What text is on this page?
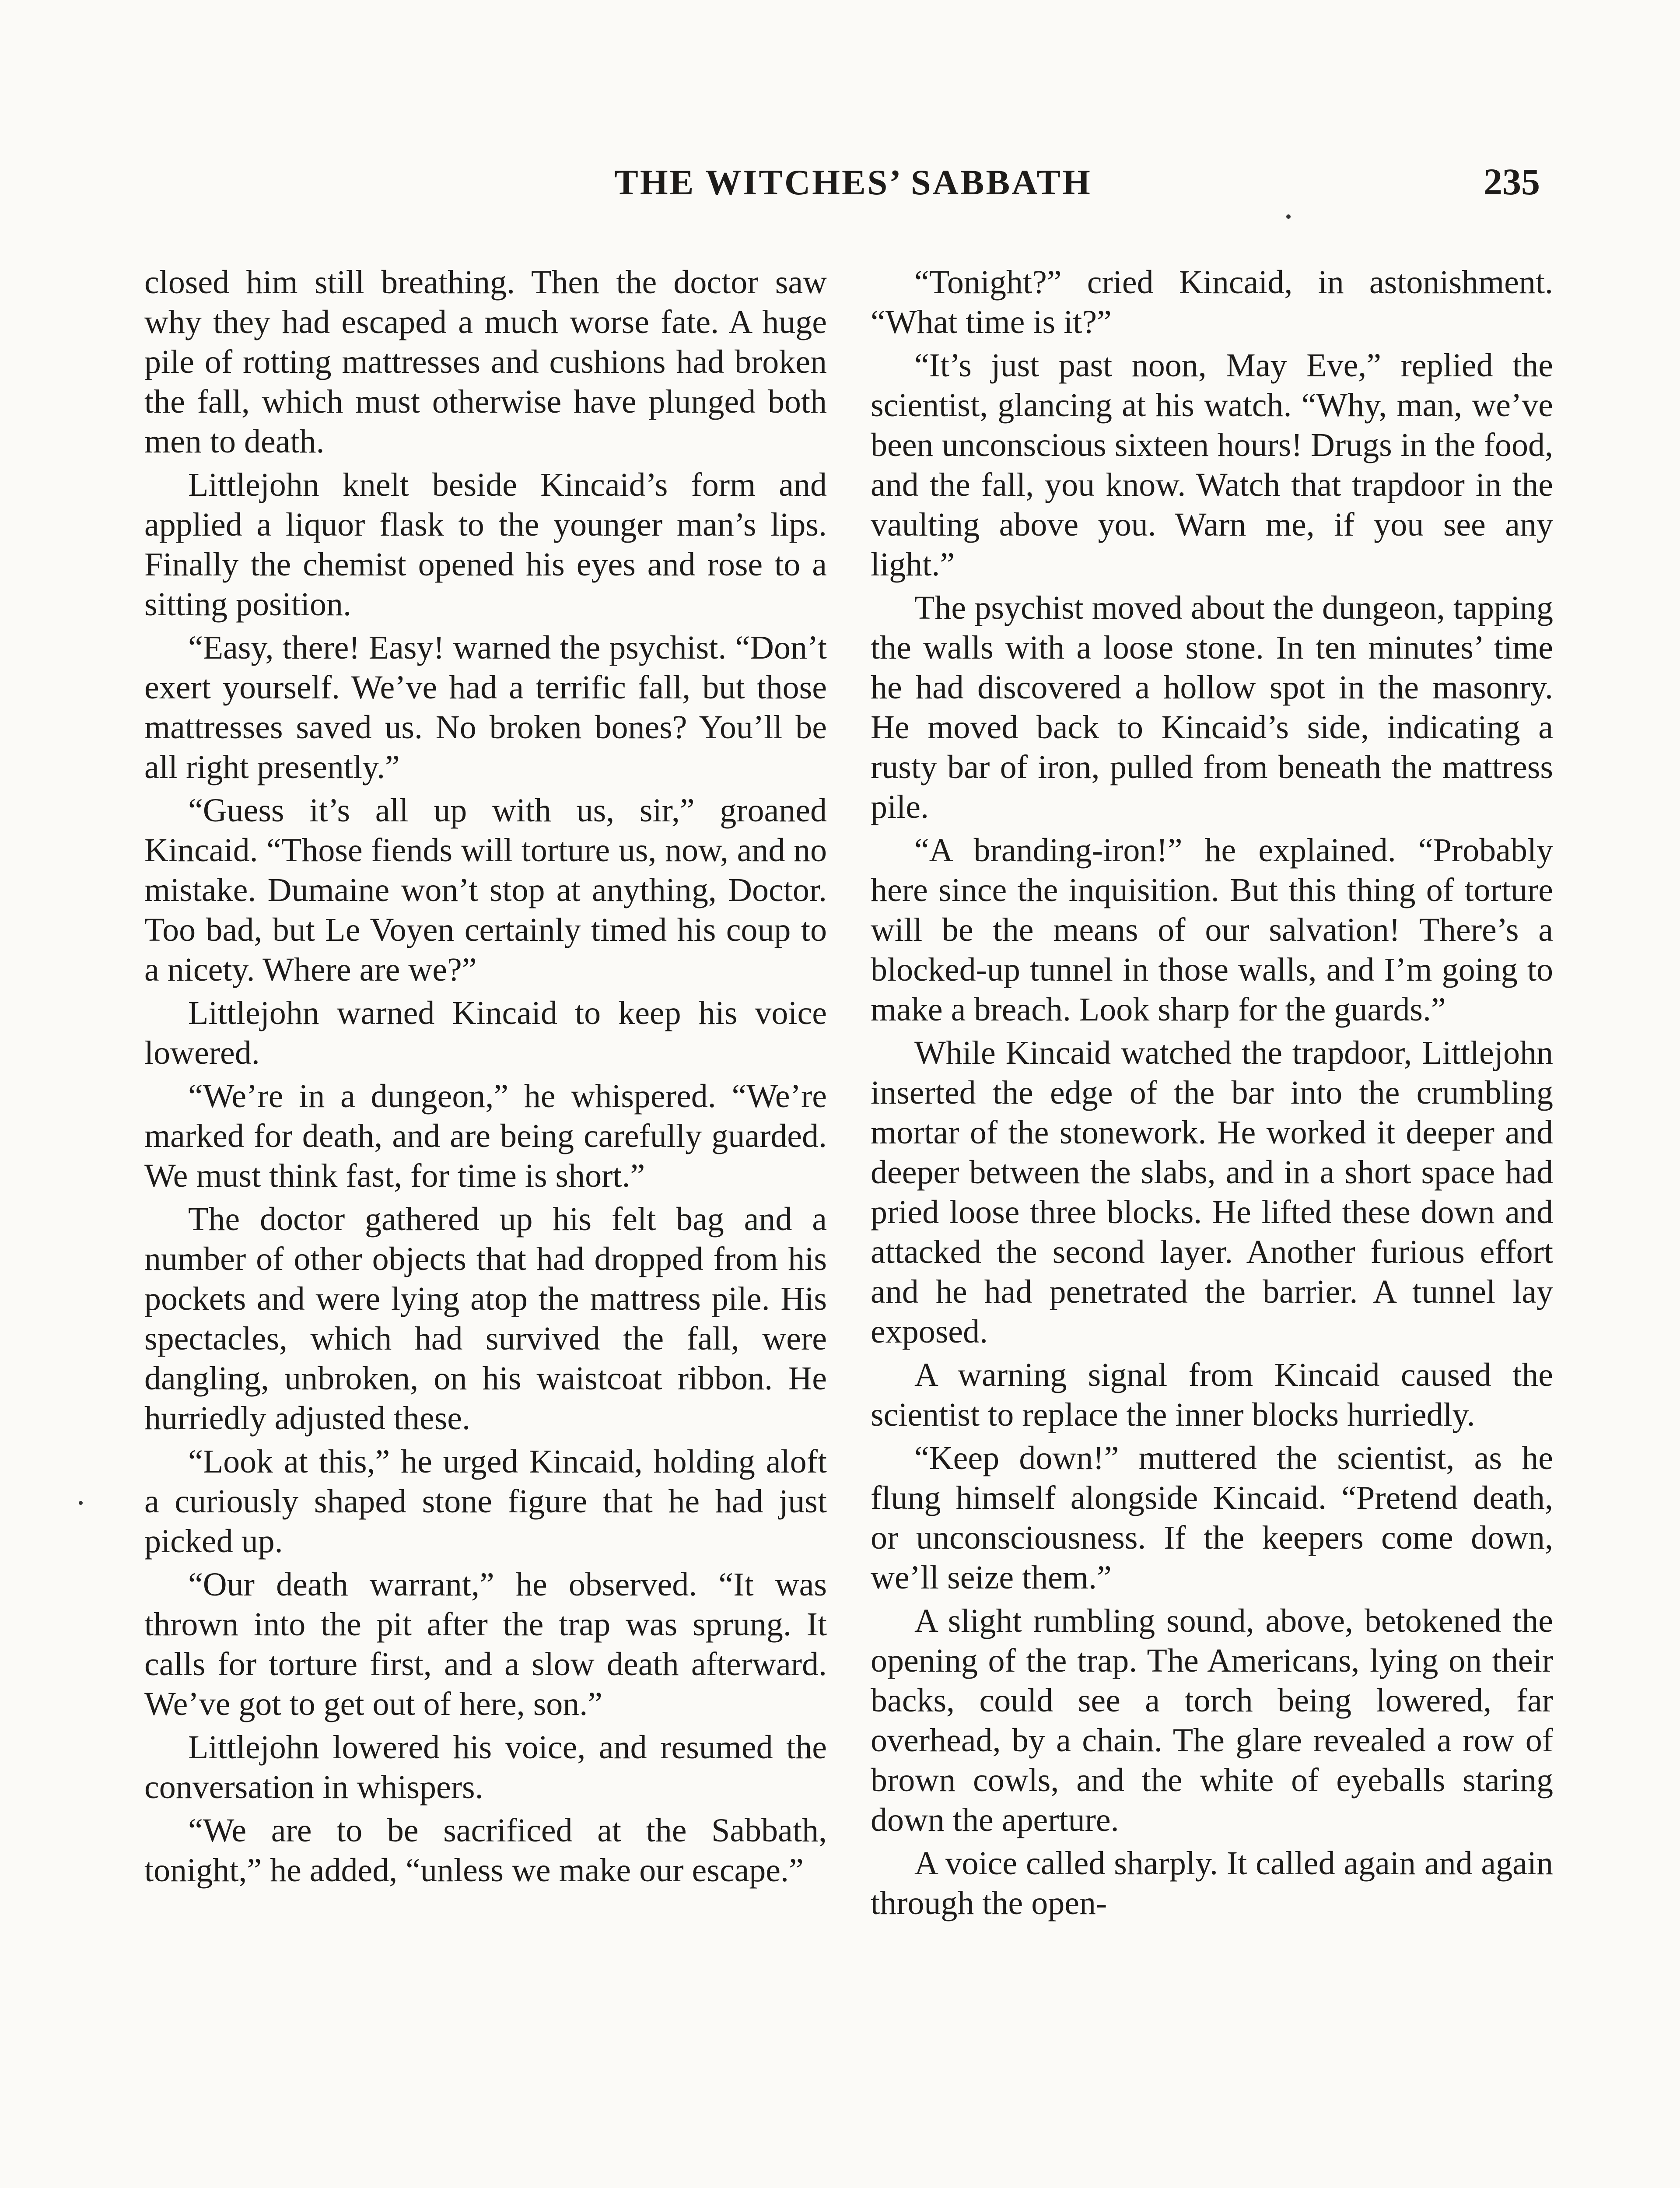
THE WITCHES’ SABBATH	235

closed him still breathing. Then the doctor saw why they had escaped a much worse fate. A huge pile of rotting mattresses and cushions had broken the fall, which must otherwise have plunged both men to death.

Littlejohn knelt beside Kincaid’s form and applied a liquor flask to the younger man’s lips. Finally the chemist opened his eyes and rose to a sitting position.

“Easy, there! Easy! warned the psychist. “Don’t exert yourself. We’ve had a terrific fall, but those mattresses saved us. No broken bones? You’ll be all right presently.”

“Guess it’s all up with us, sir,” groaned Kincaid. “Those fiends will torture us, now, and no mistake. Dumaine won’t stop at anything, Doctor. Too bad, but Le Voyen certainly timed his coup to a nicety. Where are we?”

Littlejohn warned Kincaid to keep his voice lowered.

“We’re in a dungeon,” he whispered. “We’re marked for death, and are being carefully guarded. We must think fast, for time is short.”

The doctor gathered up his felt bag and a number of other objects that had dropped from his pockets and were lying atop the mattress pile. His spectacles, which had survived the fall, were dangling, unbroken, on his waistcoat ribbon. He hurriedly adjusted these.

“Look at this,” he urged Kincaid, holding aloft a curiously shaped stone figure that he had just picked up.

“Our death warrant,” he observed. “It was thrown into the pit after the trap was sprung. It calls for torture first, and a slow death afterward. We’ve got to get out of here, son.”

Littlejohn lowered his voice, and resumed the conversation in whispers.

“We are to be sacrificed at the Sabbath, tonight,” he added, “unless we make our escape.”

“Tonight?” cried Kincaid, in astonishment. “What time is it?”

“It’s just past noon, May Eve,” replied the scientist, glancing at his watch. “Why, man, we’ve been unconscious sixteen hours! Drugs in the food, and the fall, you know. Watch that trapdoor in the vaulting above you. Warn me, if you see any light.”

The psychist moved about the dungeon, tapping the walls with a loose stone. In ten minutes’ time he had discovered a hollow spot in the masonry. He moved back to Kincaid’s side, indicating a rusty bar of iron, pulled from beneath the mattress pile.

“A branding-iron!” he explained. “Probably here since the inquisition. But this thing of torture will be the means of our salvation! There’s a blocked-up tunnel in those walls, and I’m going to make a breach. Look sharp for the guards.”

While Kincaid watched the trapdoor, Littlejohn inserted the edge of the bar into the crumbling mortar of the stonework. He worked it deeper and deeper between the slabs, and in a short space had pried loose three blocks. He lifted these down and attacked the second layer. Another furious effort and he had penetrated the barrier. A tunnel lay exposed.

A warning signal from Kincaid caused the scientist to replace the inner blocks hurriedly.

“Keep down!” muttered the scientist, as he flung himself alongside Kincaid. “Pretend death, or unconsciousness. If the keepers come down, we’ll seize them.”

A slight rumbling sound, above, betokened the opening of the trap. The Americans, lying on their backs, could see a torch being lowered, far overhead, by a chain. The glare revealed a row of brown cowls, and the white of eyeballs staring down the aperture.

A voice called sharply. It called again and again through the open-
